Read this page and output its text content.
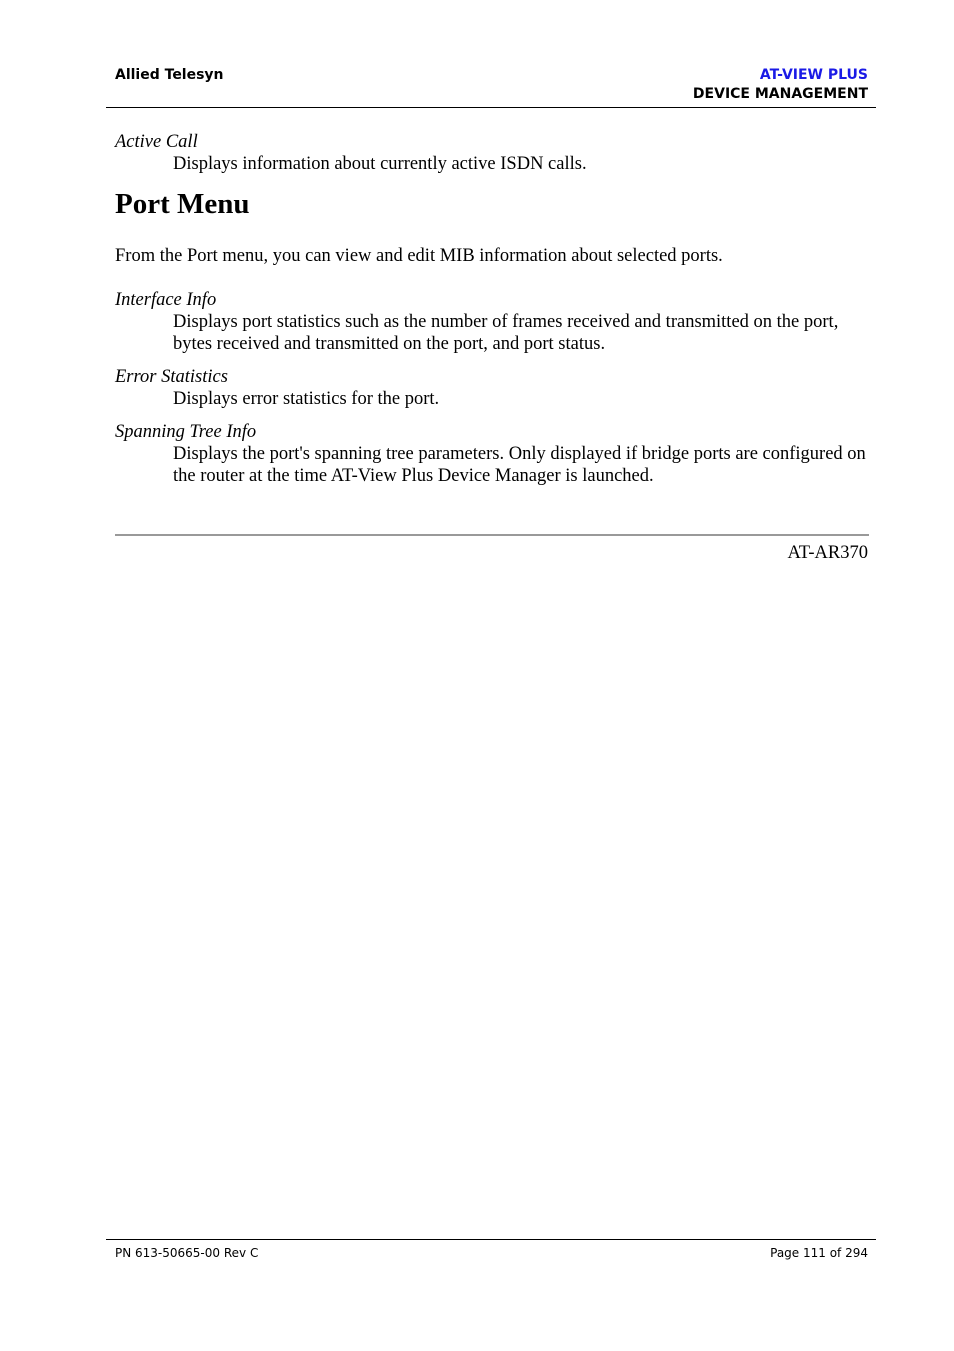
Allied Telesyn	AT-VIEW PLUS
DEVICE MANAGEMENT

Active Call

Displays information about currently active ISDN calls.

Port Menu

From the Port menu, you can view and edit MIB information about selected ports.

Interface Info

Displays port statistics such as the number of frames received and transmitted on the port, bytes received and transmitted on the port, and port status.

Error Statistics

Displays error statistics for the port.

Spanning Tree Info

Displays the port's spanning tree parameters. Only displayed if bridge ports are configured on the router at the time AT-View Plus Device Manager is launched.

AT-AR370
PN 613-50665-00 Rev C	Page 111 of 294
